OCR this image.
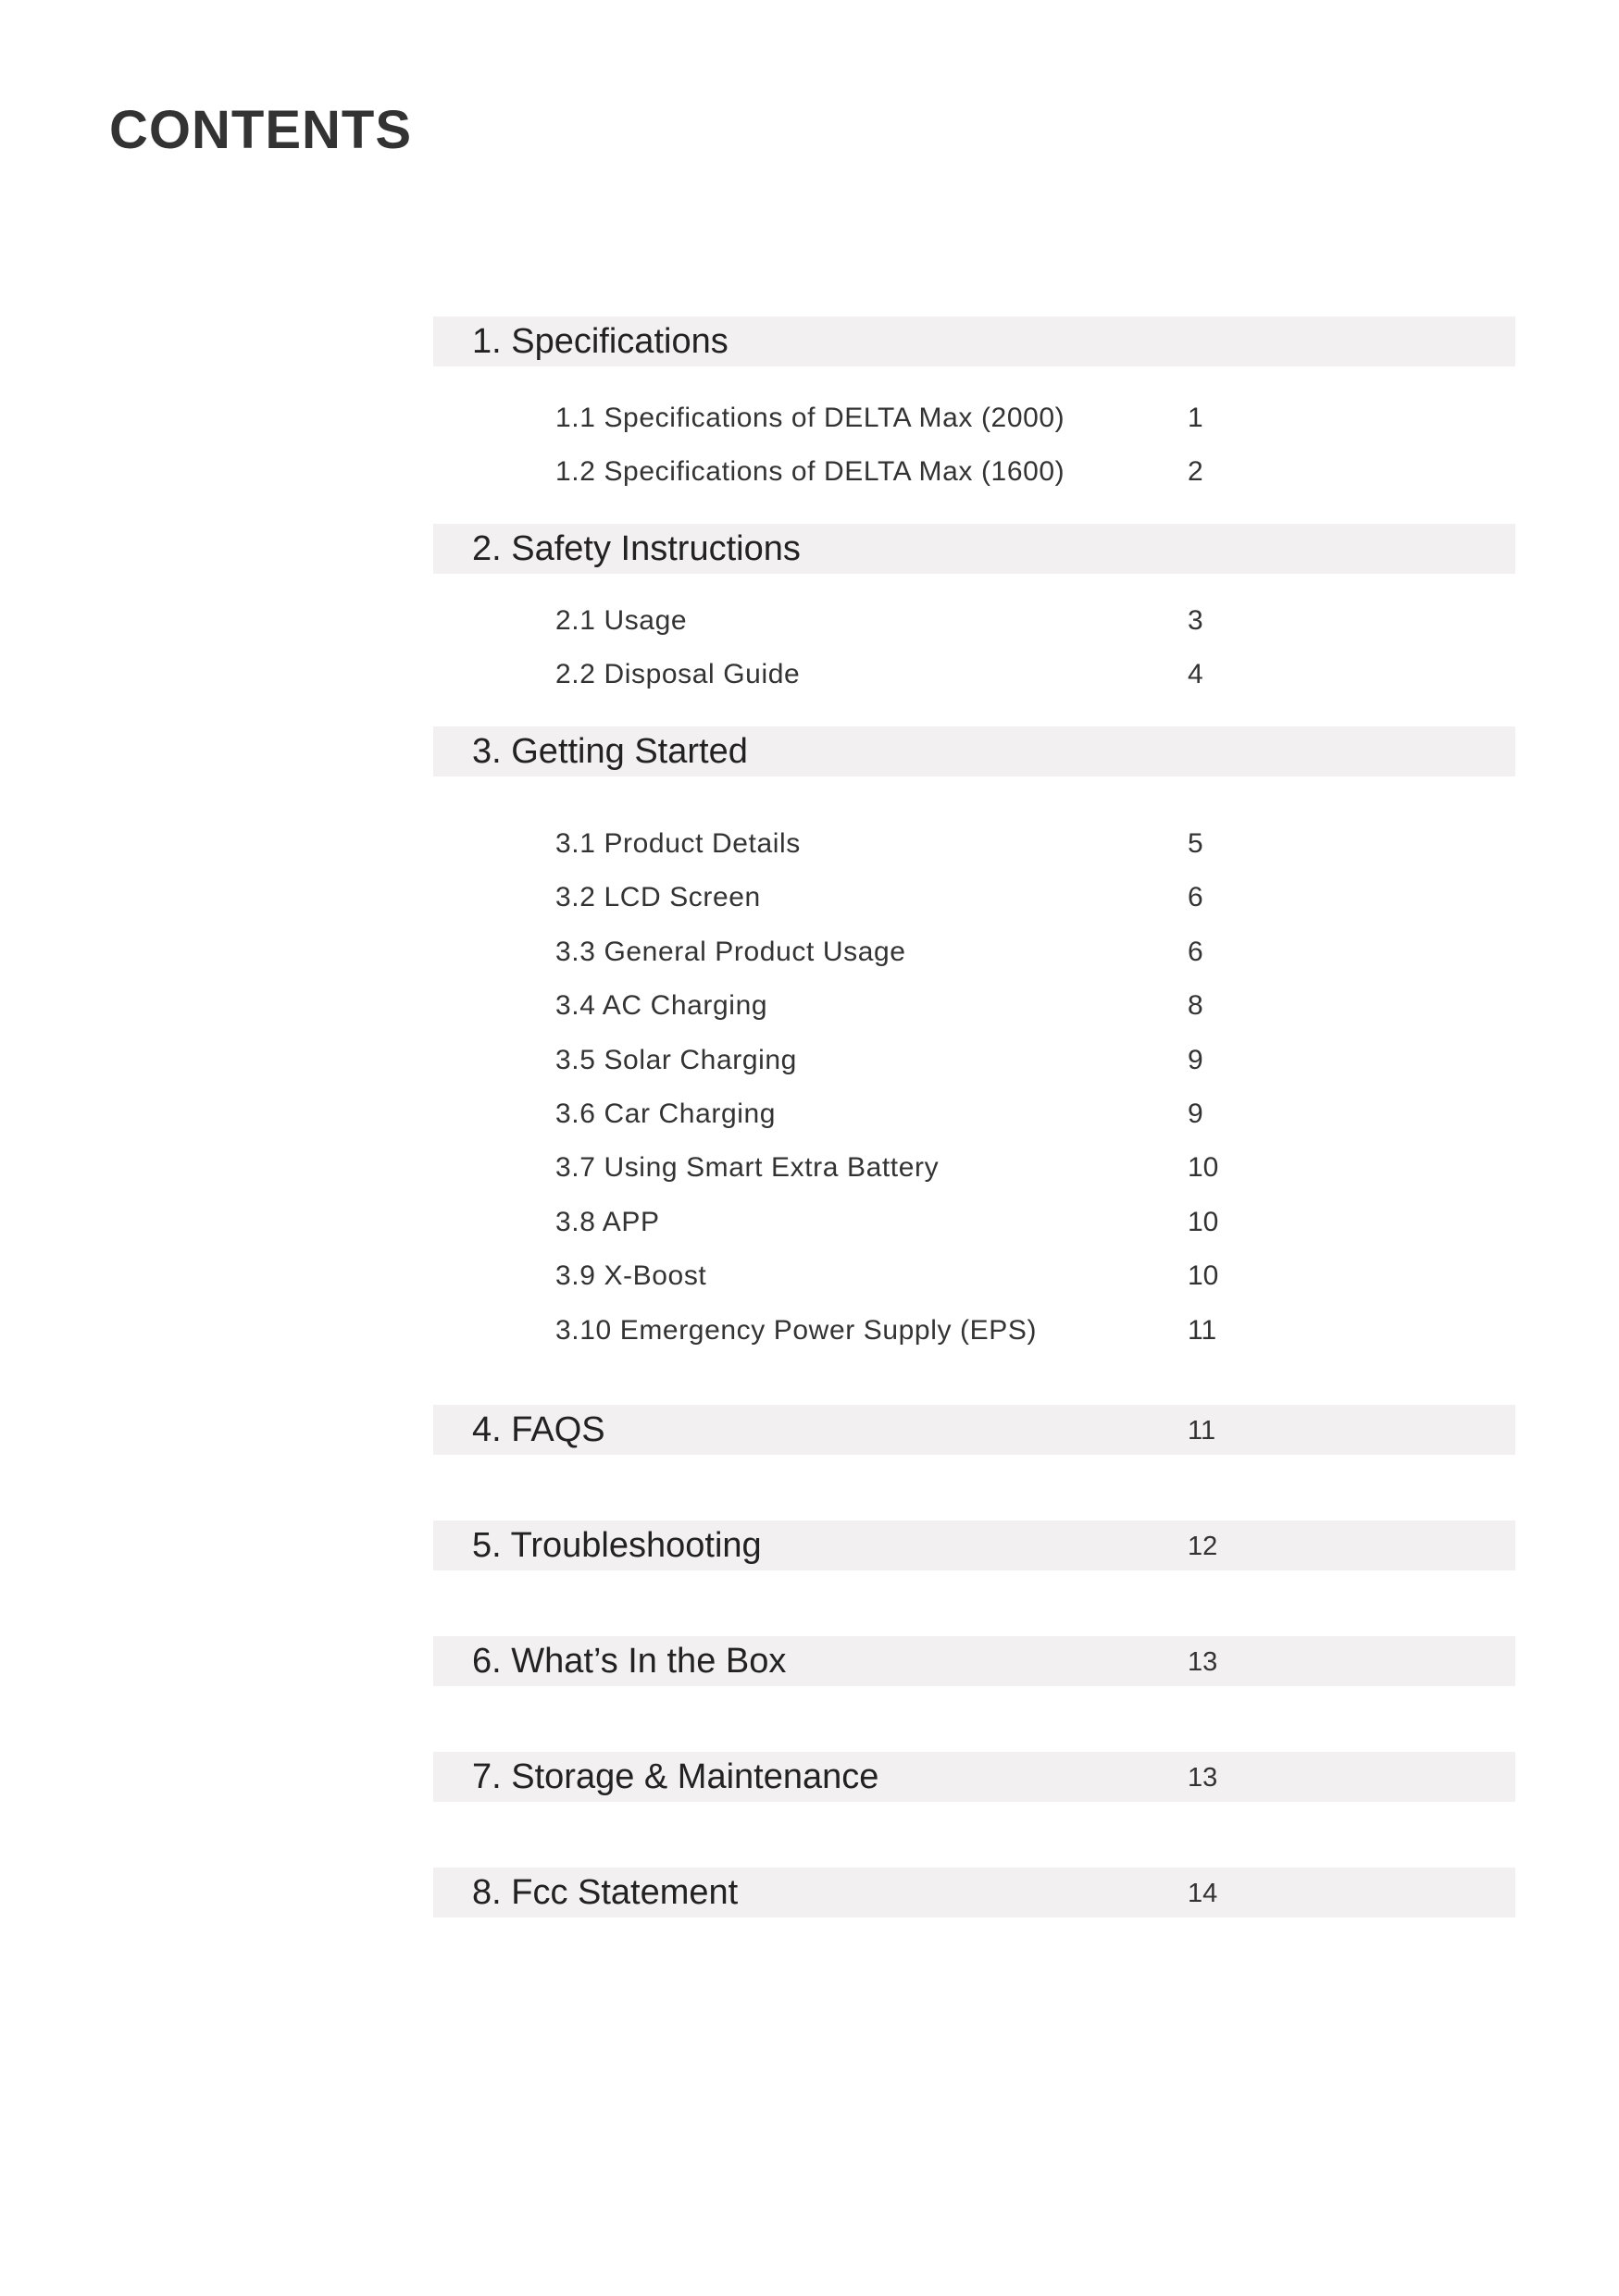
CONTENTS
1. Specifications
1.1 Specifications of DELTA Max (2000)	1
1.2 Specifications of DELTA Max (1600)	2
2. Safety Instructions
2.1 Usage	3
2.2 Disposal Guide	4
3. Getting Started
3.1 Product Details	5
3.2 LCD Screen	6
3.3 General Product Usage	6
3.4 AC Charging	8
3.5 Solar Charging	9
3.6 Car Charging	9
3.7 Using Smart Extra Battery	10
3.8 APP	10
3.9 X-Boost	10
3.10 Emergency Power Supply (EPS)	11
4. FAQS	11
5. Troubleshooting	12
6. What’s In the Box	13
7. Storage & Maintenance	13
8. Fcc Statement	14
